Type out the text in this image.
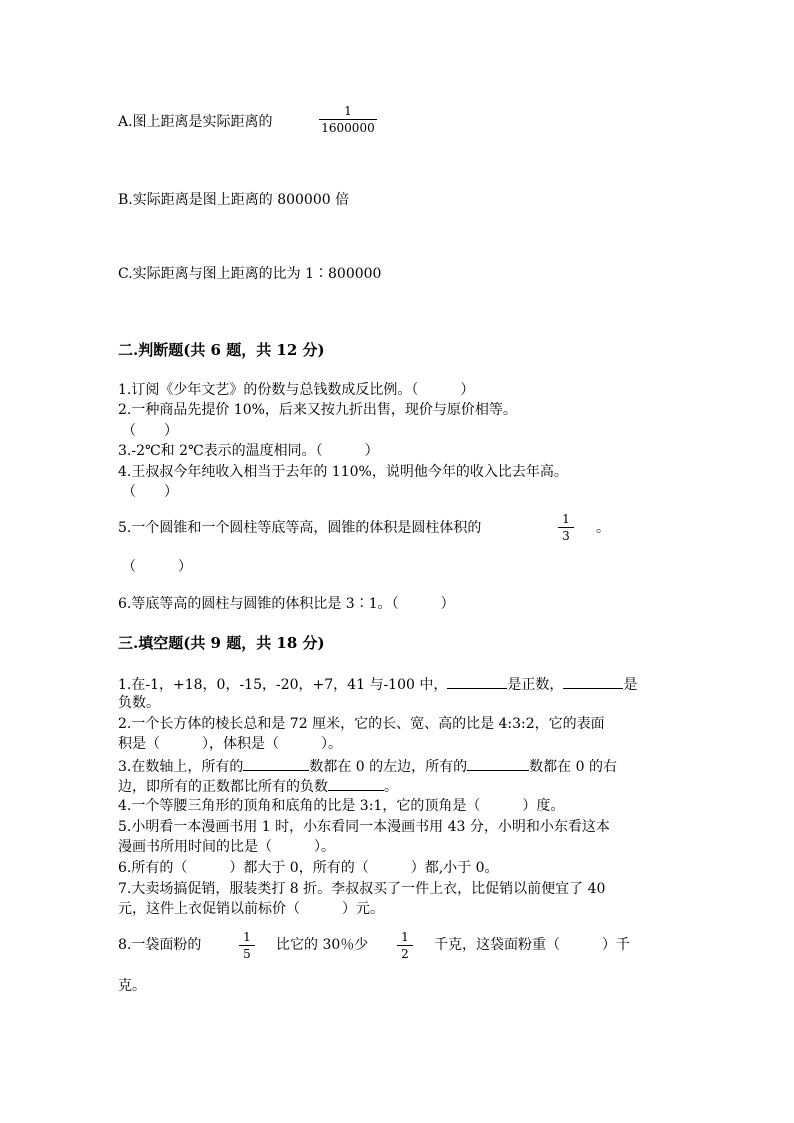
A.图上距离是实际距离的
1
1600000
B.实际距离是图上距离的 800000 倍
C.实际距离与图上距离的比为 1∶800000
二.判断题(共 6 题，共 12 分)
1.订阅《少年文艺》的份数与总钱数成反比例。（　　　）
2.一种商品先提价 10%，后来又按九折出售，现价与原价相等。
（　　）
3.-2℃和 2℃表示的温度相同。（　　　）
4.王叔叔今年纯收入相当于去年的 110%，说明他今年的收入比去年高。
（　　）
5.一个圆锥和一个圆柱等底等高，圆锥的体积是圆柱体积的
1
3 。
（　　　）
6.等底等高的圆柱与圆锥的体积比是 3∶1。（　　　）
三.填空题(共 9 题，共 18 分)
1.在-1，+18，0，-15，-20，+7，41 与-100 中，	是正数，	是
负数。
2.一个长方体的棱长总和是 72 厘米，它的长、宽、高的比是 4:3:2，它的表面
积是（　　　），体积是（　　　）。
3.在数轴上，所有的	数都在 0 的左边，所有的	数都在 0 的右
边，即所有的正数都比所有的负数	。
4.一个等腰三角形的顶角和底角的比是 3:1，它的顶角是（　　　）度。
5.小明看一本漫画书用 1 时，小东看同一本漫画书用 43 分，小明和小东看这本
漫画书所用时间的比是（　　　）。
6.所有的（　　　）都大于 0，所有的（　　　）都,小于 0。
7.大卖场搞促销，服装类打 8 折。李叔叔买了一件上衣，比促销以前便宜了 40
元，这件上衣促销以前标价（　　　）元。
8.一袋面粉的	1
5
比它的 30％少	1
2
千克，这袋面粉重（　　　）千
克。
